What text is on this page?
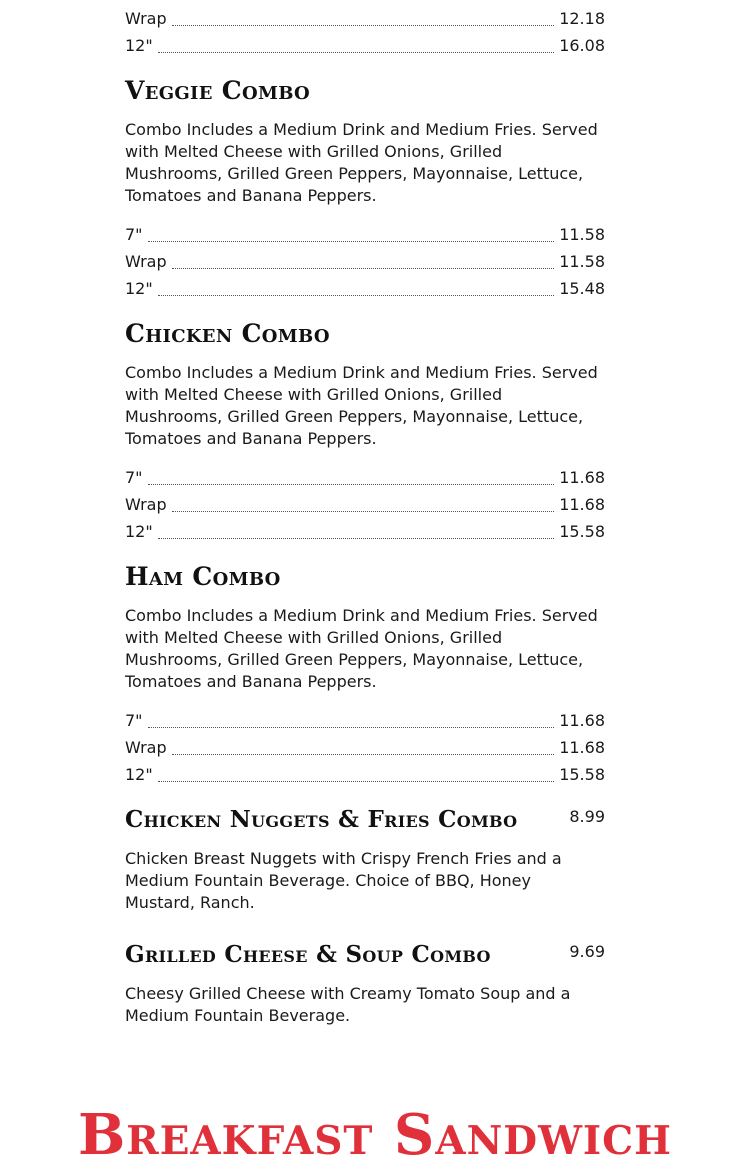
Wrap	12.18
12"	16.08
Veggie Combo

Combo Includes a Medium Drink and Medium Fries. Served with Melted Cheese with Grilled Onions, Grilled Mushrooms, Grilled Green Peppers, Mayonnaise, Lettuce, Tomatoes and Banana Peppers.

7"	11.58
Wrap	11.58
12"	15.48
Chicken Combo

Combo Includes a Medium Drink and Medium Fries. Served with Melted Cheese with Grilled Onions, Grilled Mushrooms, Grilled Green Peppers, Mayonnaise, Lettuce, Tomatoes and Banana Peppers.

7"	11.68
Wrap	11.68
12"	15.58
Ham Combo

Combo Includes a Medium Drink and Medium Fries. Served with Melted Cheese with Grilled Onions, Grilled Mushrooms, Grilled Green Peppers, Mayonnaise, Lettuce, Tomatoes and Banana Peppers.

7"	11.68
Wrap	11.68
12"	15.58
Chicken Nuggets & Fries Combo	8.99

Chicken Breast Nuggets with Crispy French Fries and a Medium Fountain Beverage. Choice of BBQ, Honey Mustard, Ranch.

Grilled Cheese & Soup Combo	9.69

Cheesy Grilled Cheese with Creamy Tomato Soup and a Medium Fountain Beverage.

Breakfast Sandwich
